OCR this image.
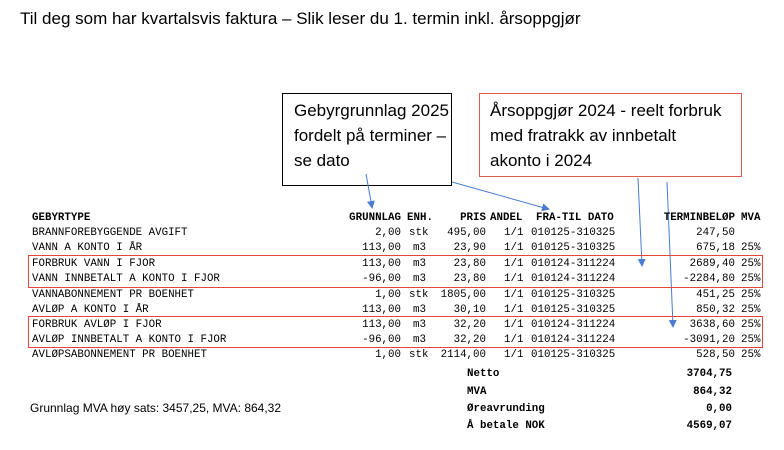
Til deg som har kvartalsvis faktura – Slik leser du 1. termin inkl. årsoppgjør
Gebyrgrunnlag 2025
fordelt på terminer –
se dato
Årsoppgjør 2024 - reelt forbruk
med fratrakk av innbetalt
akonto i 2024
GEBYRTYPE	GRUNNLAG ENH.	PRIS ANDEL FRA-TIL DATO	TERMINBELØP MVA
BRANNFOREBYGGENDE AVGIFT	2,00 stk 495,00 1/1 010125-310325	247,50
VANN A KONTO I ÅR	113,00 m3	23,90 1/1 010125-310325	675,18 25%
FORBRUK VANN I FJOR	113,00 m3	23,80 1/1 010124-311224	2689,40 25%
VANN INNBETALT A KONTO I FJOR	-96,00 m3	23,80 1/1 010124-311224	-2284,80 25%
VANNABONNEMENT PR BOENHET	1,00 stk 1805,00 1/1 010125-310325	451,25 25%
AVLØP A KONTO I ÅR	113,00 m3	30,10 1/1 010125-310325	850,32 25%
FORBRUK AVLØP I FJOR	113,00 m3	32,20 1/1 010124-311224	3638,60 25%
AVLØP INNBETALT A KONTO I FJOR	-96,00 m3	32,20 1/1 010124-311224	-3091,20 25%
AVLØPSABONNEMENT PR BOENHET	1,00 stk 2114,00 1/1 010125-310325	528,50 25%
Netto	3704,75
MVA	864,32
Øreavrunding	0,00
Å betale NOK	4569,07
Grunnlag MVA høy sats: 3457,25, MVA: 864,32
